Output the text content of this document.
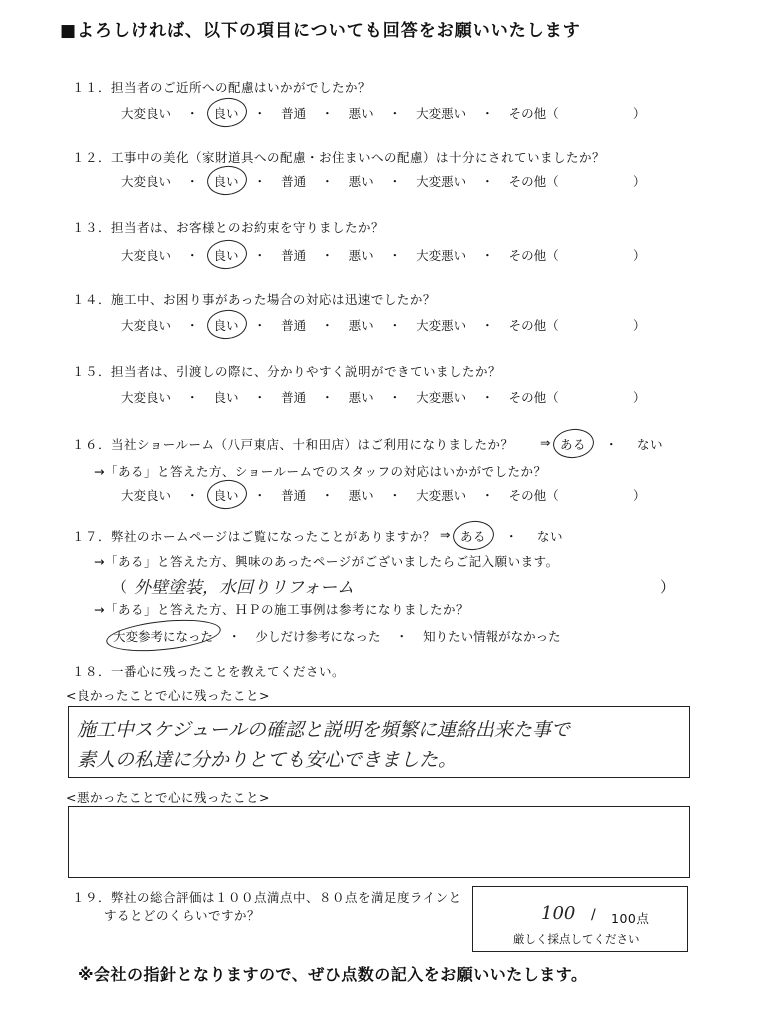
■よろしければ、以下の項目についても回答をお願いいたします
１１．担当者のご近所への配慮はいかがでしたか？
大変良い ・ 良い ・ 普通 ・ 悪い ・ 大変悪い ・ その他（	）
１２．工事中の美化（家財道具への配慮・お住まいへの配慮）は十分にされていましたか？
大変良い ・ 良い ・ 普通 ・ 悪い ・ 大変悪い ・ その他（	）
１３．担当者は、お客様とのお約束を守りましたか？
大変良い ・ 良い ・ 普通 ・ 悪い ・ 大変悪い ・ その他（	）
１４．施工中、お困り事があった場合の対応は迅速でしたか？
大変良い ・ 良い ・ 普通 ・ 悪い ・ 大変悪い ・ その他（	）
１５．担当者は、引渡しの際に、分かりやすく説明ができていましたか？
大変良い ・ 良い ・ 普通 ・ 悪い ・ 大変悪い ・ その他（	）
１６．当社ショールーム（八戸東店、十和田店）はご利用になりましたか？ ⇒ ある ・ ない
→「ある」と答えた方、ショールームでのスタッフの対応はいかがでしたか？
大変良い ・ 良い ・ 普通 ・ 悪い ・ 大変悪い ・ その他（	）
１７．弊社のホームページはご覧になったことがありますか？ ⇒ ある ・ ない
→「ある」と答えた方、興味のあったページがございましたらご記入願います。
（ 外壁塗装，水回りリフォーム	）
→「ある」と答えた方、ＨＰの施工事例は参考になりましたか？
大変参考になった ・ 少しだけ参考になった ・ 知りたい情報がなかった
１８．一番心に残ったことを教えてください。
<良かったことで心に残ったこと>
施工中スケジュールの確認と説明を頻繁に連絡出来た事で
素人の私達に分かりとても安心できました。
<悪かったことで心に残ったこと>
１９．弊社の総合評価は１００点満点中、８０点を満足度ラインと
するとどのくらいですか？	100 / 100点
厳しく採点してください
※会社の指針となりますので、ぜひ点数の記入をお願いいたします。
